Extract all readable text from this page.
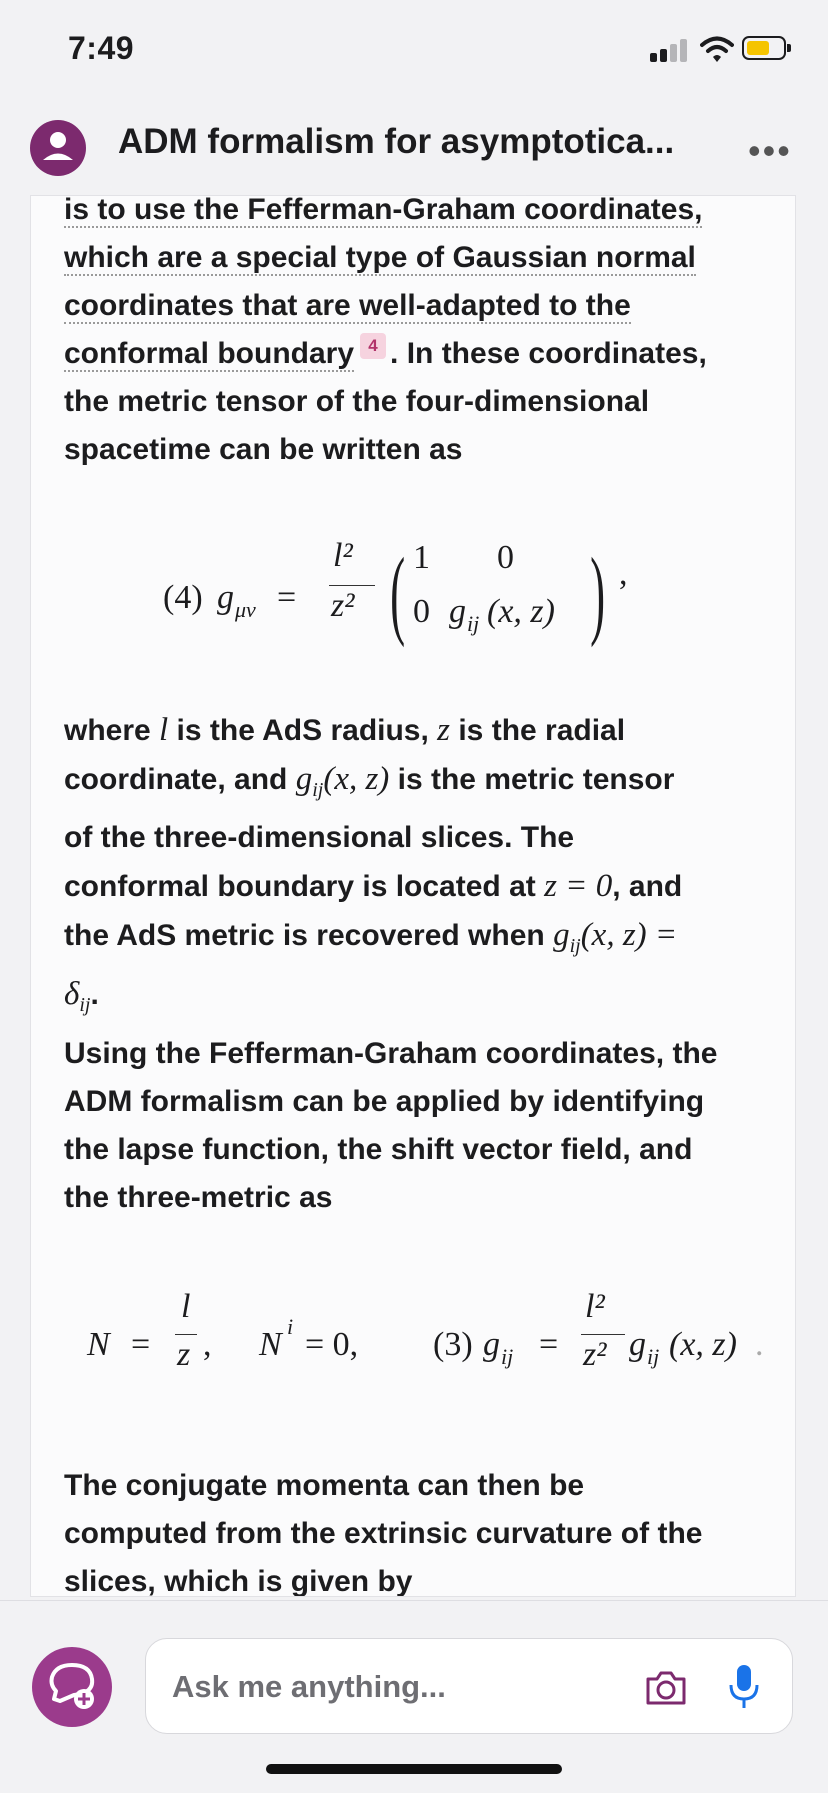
7:49
ADM formalism for asymptotica...	•••
is to use the Fefferman-Graham coordinates,
which are a special type of Gaussian normal
coordinates that are well-adapted to the
conformal boundary 4 . In these coordinates,
the metric tensor of the four-dimensional
spacetime can be written as
(4) g μν =
l²
z² ( 1 0
0 g ij (x, z) ) ,
where l is the AdS radius, z is the radial
coordinate, and $g_{ij}(x$, z) is the metric tensor
of the three-dimensional slices. The
conformal boundary is located at z = 0, and
the AdS metric is recovered when $g_{ij}(x$, z) =
$\delta_{ij}$.
Using the Fefferman-Graham coordinates, the
ADM formalism can be applied by identifying
the lapse function, the shift vector field, and
the three-metric as
N =
l
z , N i = 0, (3) g ij =
l²
z² g ij (x, z) .
The conjugate momenta can then be
computed from the extrinsic curvature of the
slices, which is given by
Ask me anything...
